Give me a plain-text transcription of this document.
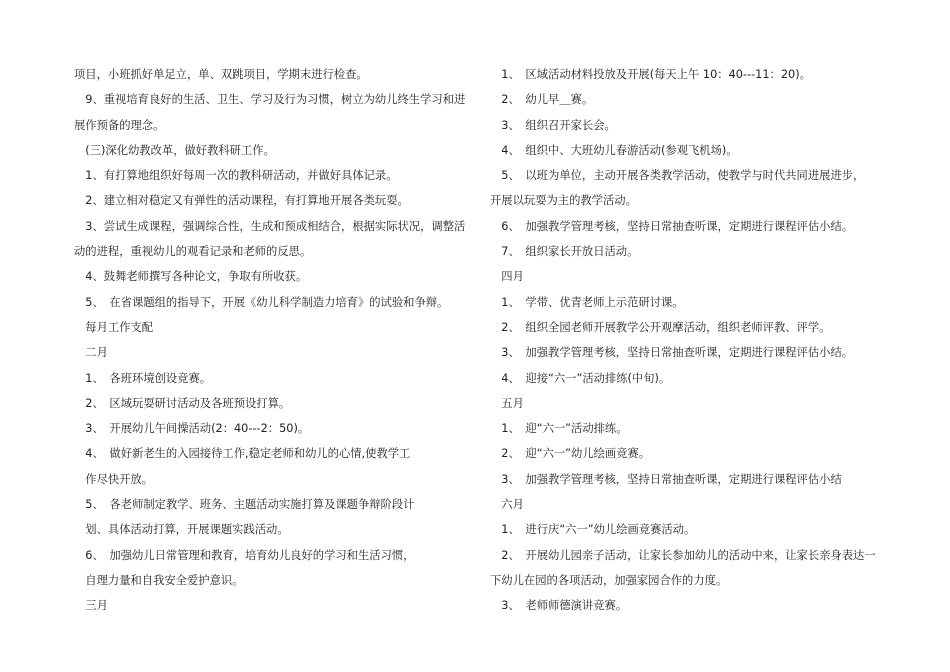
项目，小班抓好单足立，单、双跳项目，学期末进行检查。

　9、重视培育良好的生活、卫生、学习及行为习惯，树立为幼儿终生学习和进

展作预备的理念。

　(三)深化幼教改革，做好教科研工作。

　1、有打算地组织好每周一次的教科研活动，并做好具体记录。

　2、建立相对稳定又有弹性的活动课程，有打算地开展各类玩耍。

　3、尝试生成课程，强调综合性，生成和预成相结合，根据实际状况，调整活

动的进程，重视幼儿的观看记录和老师的反思。

　4、鼓舞老师撰写各种论文，争取有所收获。

　5、　在省课题组的指导下，开展《幼儿科学制造力培育》的试验和争辩。

　每月工作支配

　二月

　1、　各班环境创设竞赛。

　2、　区域玩耍研讨活动及各班预设打算。

　3、　开展幼儿午间操活动(2：40---2：50)。

　4、　做好新老生的入园接待工作,稳定老师和幼儿的心情,使教学工

　作尽快开放。

　5、　各老师制定教学、班务、主题活动实施打算及课题争辩阶段计

　划、具体活动打算，开展课题实践活动。

　6、　加强幼儿日常管理和教育，培育幼儿良好的学习和生活习惯，

　自理力量和自我安全爱护意识。

　三月

　1、　区域活动材料投放及开展(每天上午 10：40---11：20)。

　2、　幼儿早＿赛。

　3、　组织召开家长会。

　4、　组织中、大班幼儿春游活动(参观飞机场)。

　5、　以班为单位，主动开展各类教学活动，使教学与时代共同进展进步，

开展以玩耍为主的教学活动。

　6、　加强教学管理考核，坚持日常抽查听课，定期进行课程评估小结。

　7、　组织家长开放日活动。

　四月

　1、　学带、优青老师上示范研讨课。

　2、　组织全园老师开展教学公开观摩活动，组织老师评教、评学。

　3、　加强教学管理考核，坚持日常抽查听课，定期进行课程评估小结。

　4、　迎接“六一”活动排练(中旬)。

　五月

　1、　迎“六一”活动排练。

　2、　迎“六一”幼儿绘画竞赛。

　3、　加强教学管理考核，坚持日常抽查听课，定期进行课程评估小结

　六月

　1、　进行庆“六一”幼儿绘画竞赛活动。

　2、　开展幼儿园亲子活动，让家长参加幼儿的活动中来，让家长亲身表达一

下幼儿在园的各项活动，加强家园合作的力度。

　3、　老师师德演讲竞赛。
